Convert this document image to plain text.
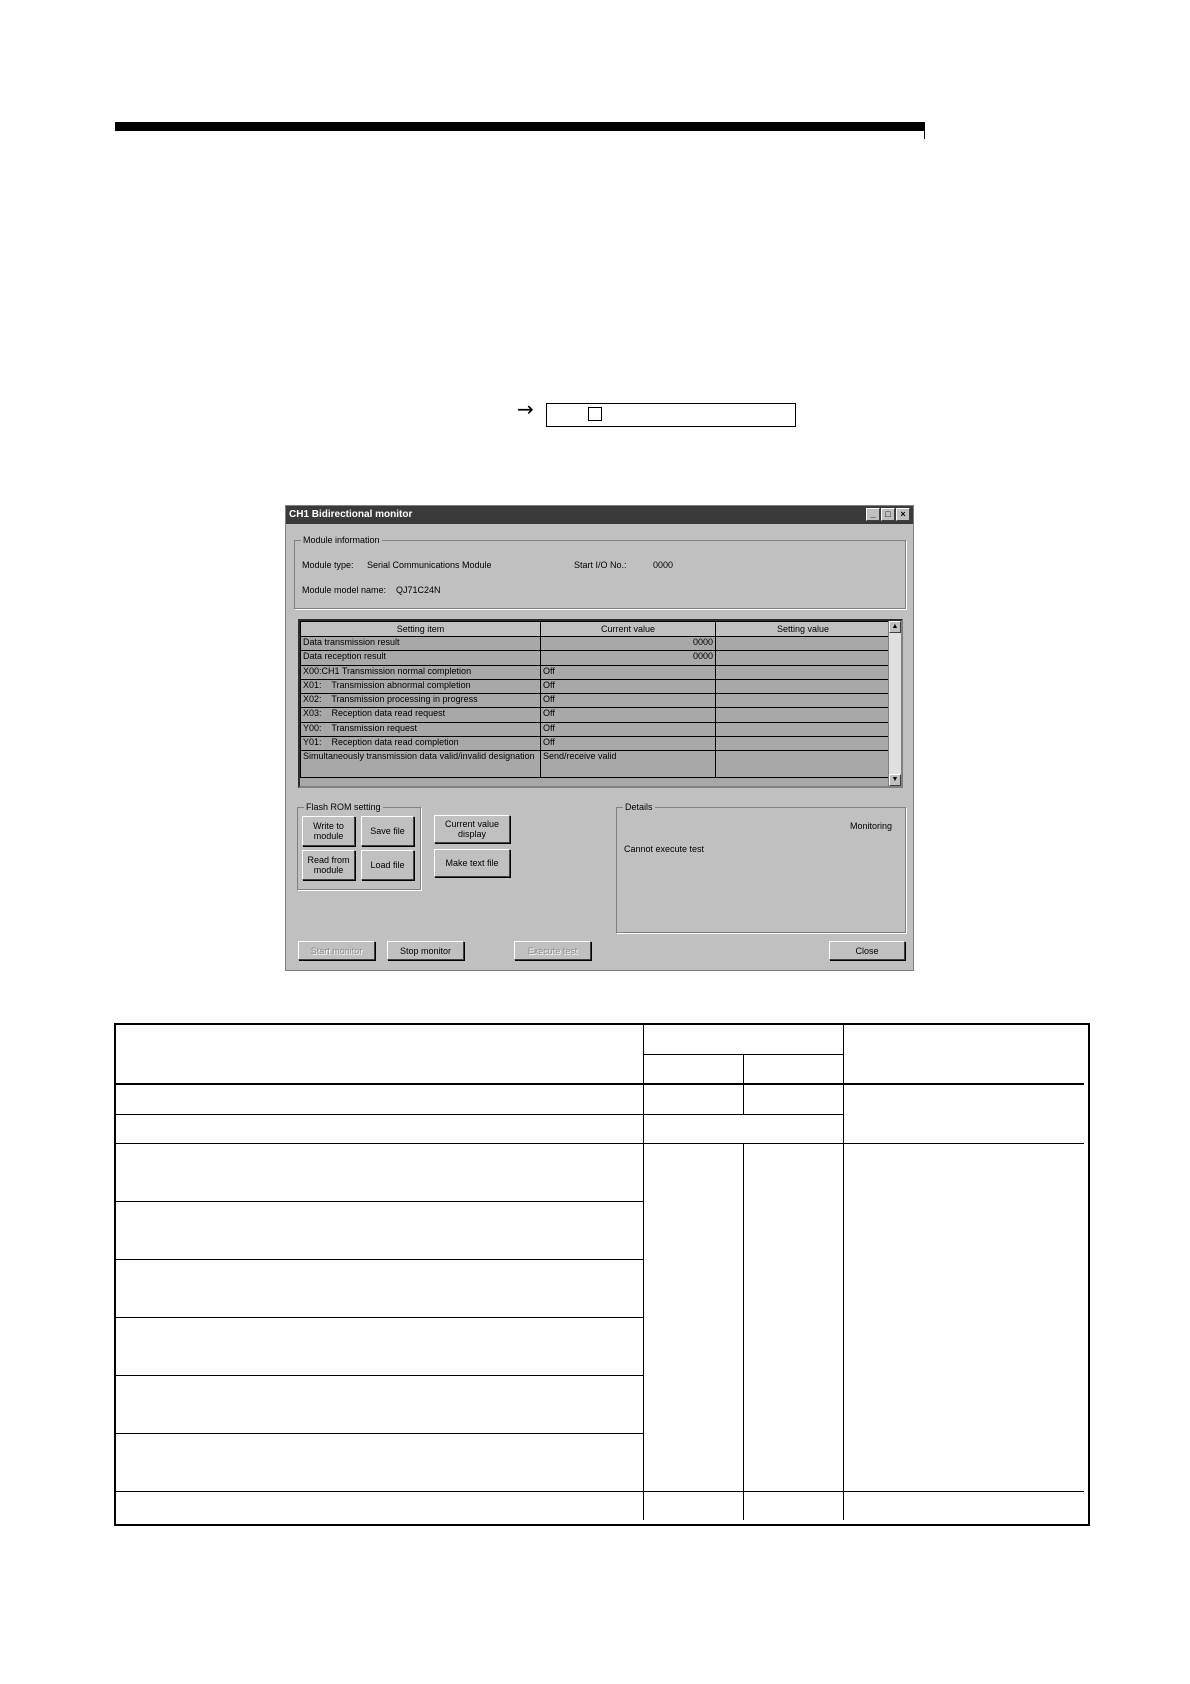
→
CH1 Bidirectional monitor	_	□	×
Module information
Module type: Serial Communications Module	Start I/O No.:	0000
Module model name: QJ71C24N
Setting item	Current value	Setting value
Data transmission result	0000	
Data reception result	0000	
X00:CH1 Transmission normal completion	Off	
X01:    Transmission abnormal completion	Off	
X02:    Transmission processing in progress	Off	
X03:    Reception data read request	Off	
Y00:    Transmission request	Off	
Y01:    Reception data read completion	Off	
Simultaneously transmission data valid/invalid designation	Send/receive valid	
▲
▼
Flash ROM setting
Write to module	Save file
Read from module	Load file
Current value display
Make text file
Details
Monitoring
Cannot execute test
Start monitor	Stop monitor	Execute test	Close
